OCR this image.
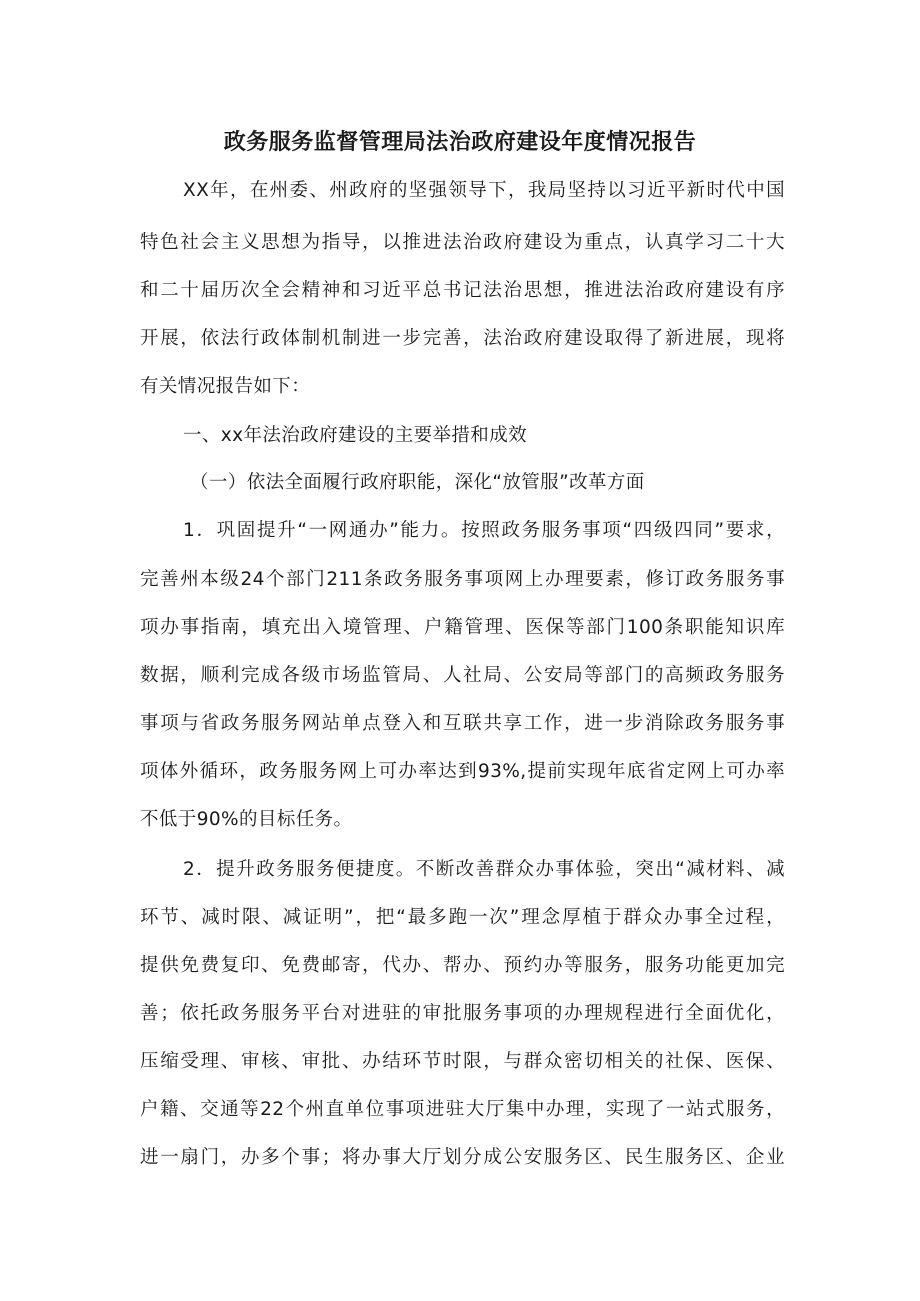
政务服务监督管理局法治政府建设年度情况报告
XX年，在州委、州政府的坚强领导下，我局坚持以习近平新时代中国
特色社会主义思想为指导，以推进法治政府建设为重点，认真学习二十大
和二十届历次全会精神和习近平总书记法治思想，推进法治政府建设有序
开展，依法行政体制机制进一步完善，法治政府建设取得了新进展，现将
有关情况报告如下：
一、xx年法治政府建设的主要举措和成效
（一）依法全面履行政府职能，深化“放管服”改革方面
1．巩固提升“一网通办”能力。按照政务服务事项“四级四同”要求，
完善州本级24个部门211条政务服务事项网上办理要素，修订政务服务事
项办事指南，填充出入境管理、户籍管理、医保等部门100条职能知识库
数据，顺利完成各级市场监管局、人社局、公安局等部门的高频政务服务
事项与省政务服务网站单点登入和互联共享工作，进一步消除政务服务事
项体外循环，政务服务网上可办率达到93%,提前实现年底省定网上可办率
不低于90%的目标任务。
2．提升政务服务便捷度。不断改善群众办事体验，突出“减材料、减
环节、减时限、减证明”，把“最多跑一次”理念厚植于群众办事全过程，
提供免费复印、免费邮寄，代办、帮办、预约办等服务，服务功能更加完
善；依托政务服务平台对进驻的审批服务事项的办理规程进行全面优化，
压缩受理、审核、审批、办结环节时限，与群众密切相关的社保、医保、
户籍、交通等22个州直单位事项进驻大厅集中办理，实现了一站式服务，
进一扇门，办多个事；将办事大厅划分成公安服务区、民生服务区、企业
